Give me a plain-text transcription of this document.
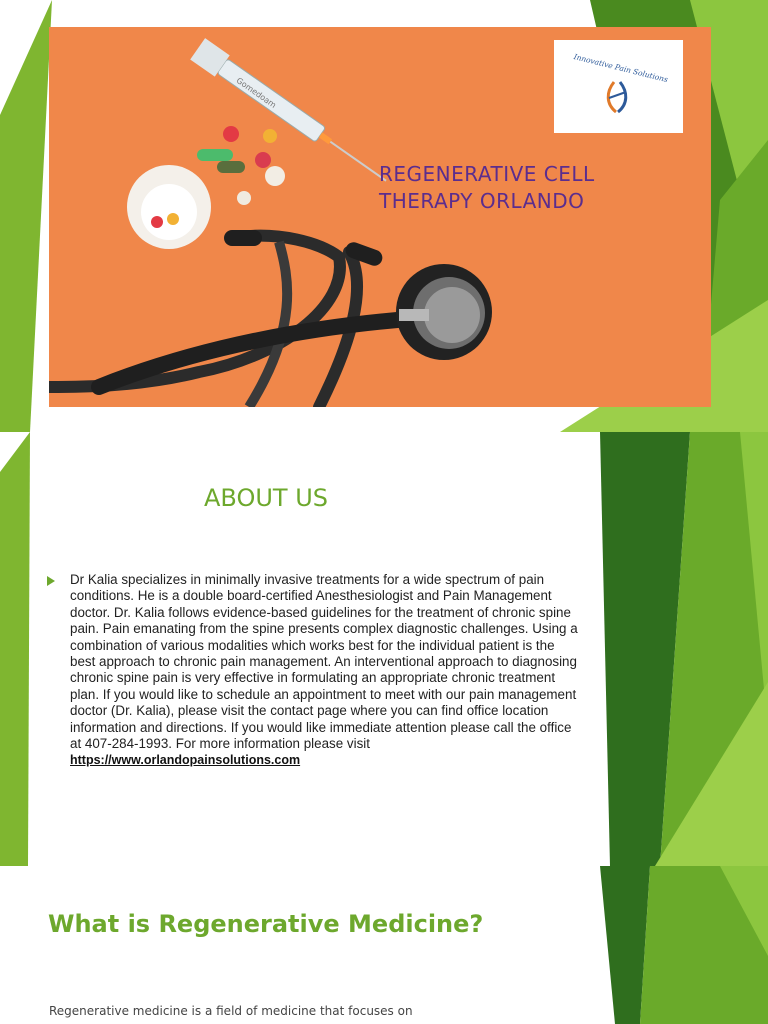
Gomedoam
Innovative Pain Solutions
REGENERATIVE CELL
THERAPY ORLANDO
ABOUT US
Dr Kalia specializes in minimally invasive treatments for a wide spectrum of pain conditions. He is a double board-certified Anesthesiologist and Pain Management doctor. Dr. Kalia follows evidence-based guidelines for the treatment of chronic spine pain. Pain emanating from the spine presents complex diagnostic challenges. Using a combination of various modalities which works best for the individual patient is the best approach to chronic pain management. An interventional approach to diagnosing chronic spine pain is very effective in formulating an appropriate chronic treatment plan. If you would like to schedule an appointment to meet with our pain management doctor (Dr. Kalia), please visit the contact page where you can find office location information and directions. If you would like immediate attention please call the office at 407-284-1993. For more information please visit
https://www.orlandopainsolutions.com
What is Regenerative Medicine?
Regenerative medicine is a field of medicine that focuses on
